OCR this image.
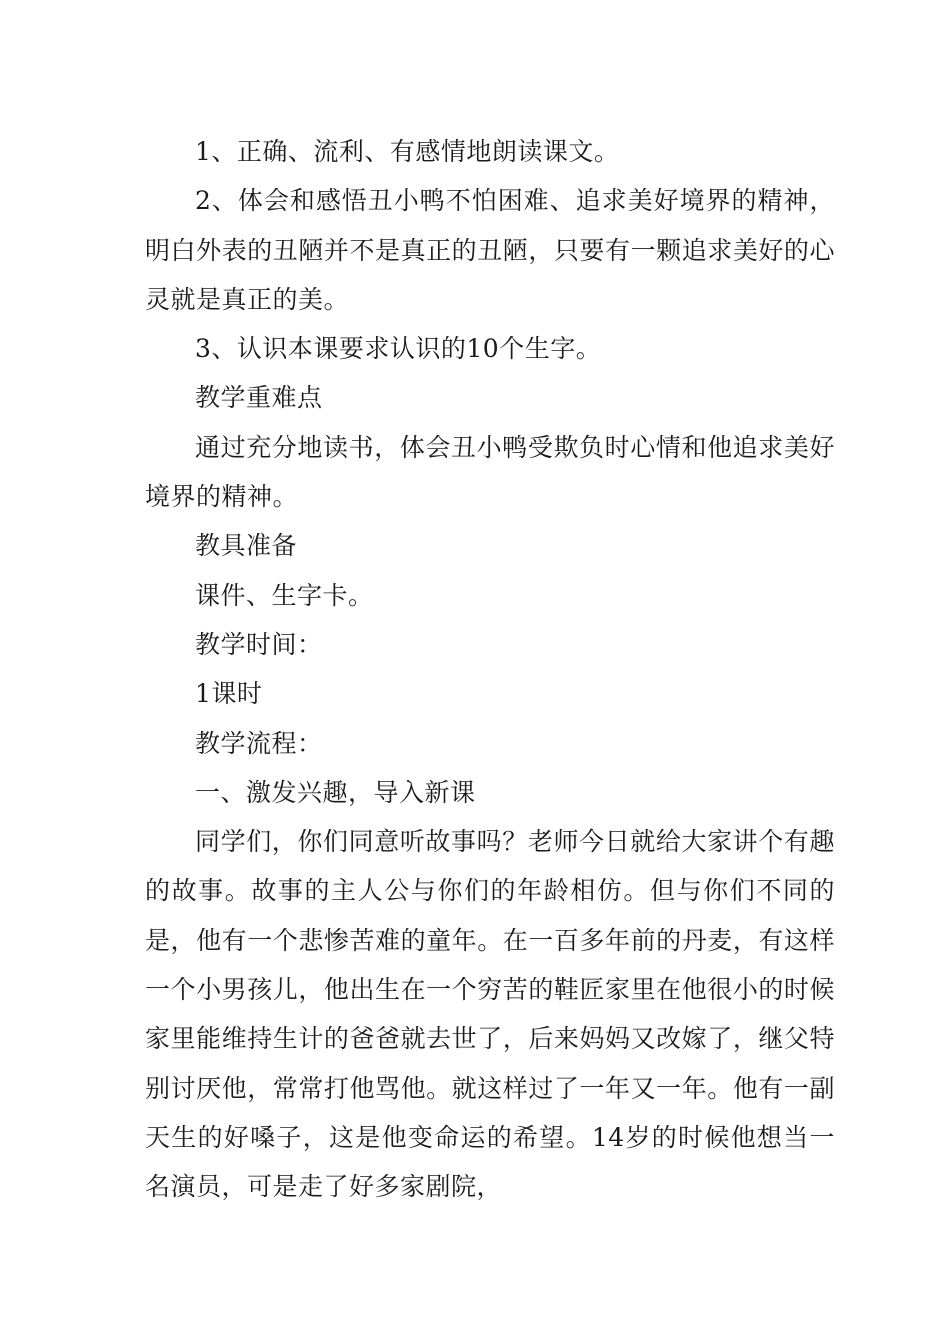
1、正确、流利、有感情地朗读课文。

2、体会和感悟丑小鸭不怕困难、追求美好境界的精神，明白外表的丑陋并不是真正的丑陋，只要有一颗追求美好的心灵就是真正的美。

3、认识本课要求认识的10个生字。

教学重难点

通过充分地读书，体会丑小鸭受欺负时心情和他追求美好境界的精神。

教具准备

课件、生字卡。

教学时间：

1课时

教学流程：

一、激发兴趣，导入新课

同学们，你们同意听故事吗？老师今日就给大家讲个有趣的故事。故事的主人公与你们的年龄相仿。但与你们不同的是，他有一个悲惨苦难的童年。在一百多年前的丹麦，有这样一个小男孩儿，他出生在一个穷苦的鞋匠家里在他很小的时候家里能维持生计的爸爸就去世了，后来妈妈又改嫁了，继父特别讨厌他，常常打他骂他。就这样过了一年又一年。他有一副天生的好嗓子，这是他变命运的希望。14岁的时候他想当一名演员，可是走了好多家剧院，
